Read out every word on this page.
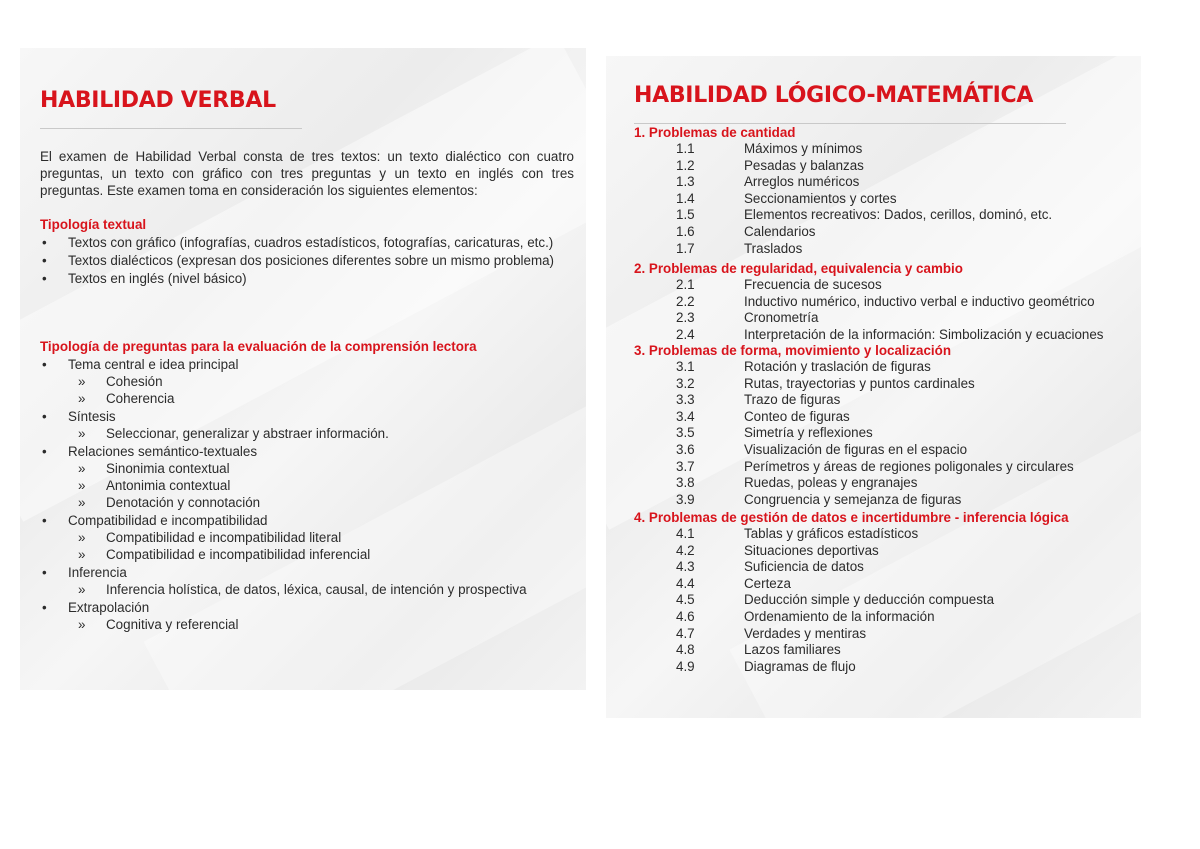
HABILIDAD VERBAL

El examen de Habilidad Verbal consta de tres textos: un texto dialéctico con cuatro preguntas, un texto con gráfico con tres preguntas y un texto en inglés con tres preguntas. Este examen toma en consideración los siguientes elementos:

Tipología textual
• Textos con gráfico (infografías, cuadros estadísticos, fotografías, caricaturas, etc.)
• Textos dialécticos (expresan dos posiciones diferentes sobre un mismo problema)
• Textos en inglés (nivel básico)
Tipología de preguntas para la evaluación de la comprensión lectora
• Tema central e idea principal
» Cohesión
» Coherencia
• Síntesis
» Seleccionar, generalizar y abstraer información.
• Relaciones semántico-textuales
» Sinonimia contextual
» Antonimia contextual
» Denotación y connotación
• Compatibilidad e incompatibilidad
» Compatibilidad e incompatibilidad literal
» Compatibilidad e incompatibilidad inferencial
• Inferencia
» Inferencia holística, de datos, léxica, causal, de intención y prospectiva
• Extrapolación
» Cognitiva y referencial
HABILIDAD LÓGICO-MATEMÁTICA
1. Problemas de cantidad
1.1	Máximos y mínimos
1.2	Pesadas y balanzas
1.3	Arreglos numéricos
1.4	Seccionamientos y cortes
1.5	Elementos recreativos: Dados, cerillos, dominó, etc.
1.6	Calendarios
1.7	Traslados
2. Problemas de regularidad, equivalencia y cambio
2.1	Frecuencia de sucesos
2.2	Inductivo numérico, inductivo verbal e inductivo geométrico
2.3	Cronometría
2.4	Interpretación de la información: Simbolización y ecuaciones
3. Problemas de forma, movimiento y localización
3.1	Rotación y traslación de figuras
3.2	Rutas, trayectorias y puntos cardinales
3.3	Trazo de figuras
3.4	Conteo de figuras
3.5	Simetría y reflexiones
3.6	Visualización de figuras en el espacio
3.7	Perímetros y áreas de regiones poligonales y circulares
3.8	Ruedas, poleas y engranajes
3.9	Congruencia y semejanza de figuras
4. Problemas de gestión de datos e incertidumbre - inferencia lógica
4.1	Tablas y gráficos estadísticos
4.2	Situaciones deportivas
4.3	Suficiencia de datos
4.4	Certeza
4.5	Deducción simple y deducción compuesta
4.6	Ordenamiento de la información
4.7	Verdades y mentiras
4.8	Lazos familiares
4.9	Diagramas de flujo
